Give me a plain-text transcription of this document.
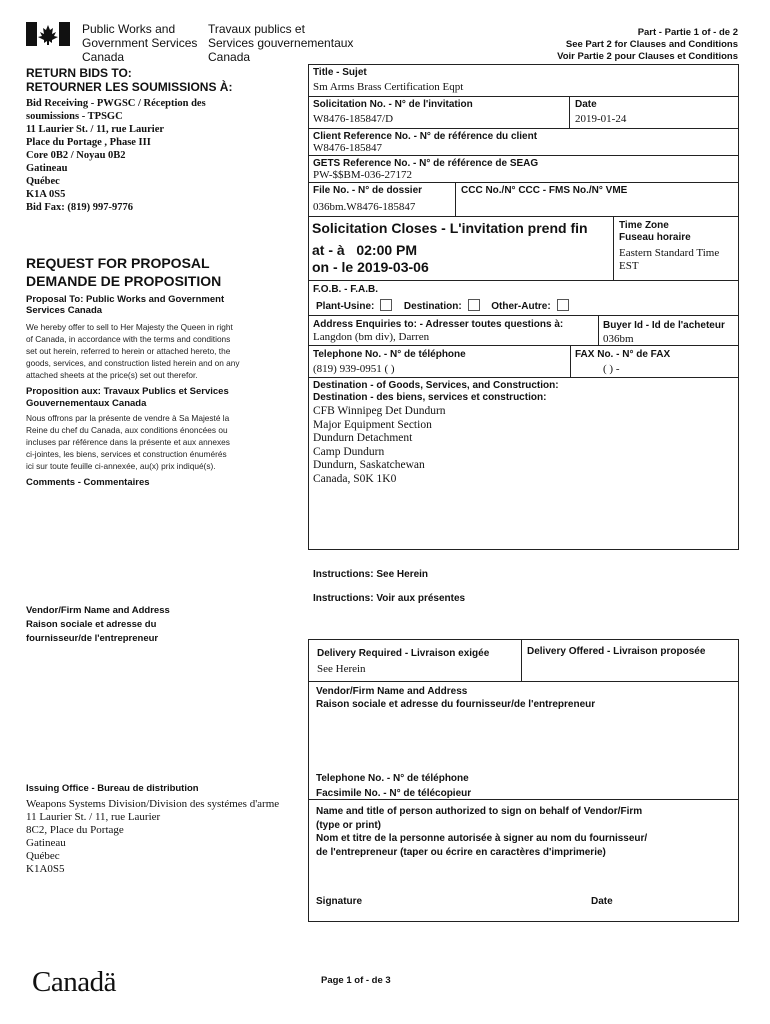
Public Works and
Government Services
Canada
Travaux publics et
Services gouvernementaux
Canada
Part - Partie 1 of - de 2
See Part 2 for Clauses and Conditions
Voir Partie 2 pour Clauses et Conditions
RETURN BIDS TO:
RETOURNER LES SOUMISSIONS À:
Bid Receiving - PWGSC / Réception des
soumissions - TPSGC
11 Laurier St. / 11, rue Laurier
Place du Portage , Phase III
Core 0B2 / Noyau 0B2
Gatineau
Québec
K1A 0S5
Bid Fax: (819) 997-9776
REQUEST FOR PROPOSAL
DEMANDE DE PROPOSITION
Proposal To: Public Works and Government
Services Canada
We hereby offer to sell to Her Majesty the Queen in right
of Canada, in accordance with the terms and conditions
set out herein, referred to herein or attached hereto, the
goods, services, and construction listed herein and on any
attached sheets at the price(s) set out therefor.
Proposition aux: Travaux Publics et Services
Gouvernementaux Canada
Nous offrons par la présente de vendre à Sa Majesté la
Reine du chef du Canada, aux conditions énoncées ou
incluses par référence dans la présente et aux annexes
ci-jointes, les biens, services et construction énumérés
ici sur toute feuille ci-annexée, au(x) prix indiqué(s).
Comments - Commentaires
Vendor/Firm Name and Address
Raison sociale et adresse du
fournisseur/de l'entrepreneur
Issuing Office - Bureau de distribution
Weapons Systems Division/Division des systémes d'arme
11 Laurier St. / 11, rue Laurier
8C2, Place du Portage
Gatineau
Québec
K1A0S5
Title - Sujet
Sm Arms Brass Certification Eqpt
Solicitation No. - N° de l'invitation
W8476-185847/D
Date
2019-01-24
Client Reference No. - N° de référence du client
W8476-185847
GETS Reference No. - N° de référence de SEAG
PW-$$BM-036-27172
File No. - N° de dossier
036bm.W8476-185847
CCC No./N° CCC - FMS No./N° VME
Solicitation Closes - L'invitation prend fin
at - à 02:00 PM
on - le 2019-03-06
Time Zone
Fuseau horaire
Eastern Standard Time
EST
F.O.B. - F.A.B.
Plant-Usine:	Destination:	Other-Autre:
Address Enquiries to: - Adresser toutes questions à:
Langdon (bm div), Darren
Buyer Id - Id de l'acheteur
036bm
Telephone No. - N° de téléphone
(819) 939-0951 ( )
FAX No. - N° de FAX
( ) -
Destination - of Goods, Services, and Construction:
Destination - des biens, services et construction:
CFB Winnipeg Det Dundurn
Major Equipment Section
Dundurn Detachment
Camp Dundurn
Dundurn, Saskatchewan
Canada, S0K 1K0
Instructions: See Herein
Instructions: Voir aux présentes
Delivery Required - Livraison exigée
See Herein
Delivery Offered - Livraison proposée
Vendor/Firm Name and Address
Raison sociale et adresse du fournisseur/de l'entrepreneur
Telephone No. - N° de téléphone
Facsimile No. - N° de télécopieur
Name and title of person authorized to sign on behalf of Vendor/Firm
(type or print)
Nom et titre de la personne autorisée à signer au nom du fournisseur/
de l'entrepreneur (taper ou écrire en caractères d'imprimerie)
Signature	Date
Canadä	Page 1 of - de 3
